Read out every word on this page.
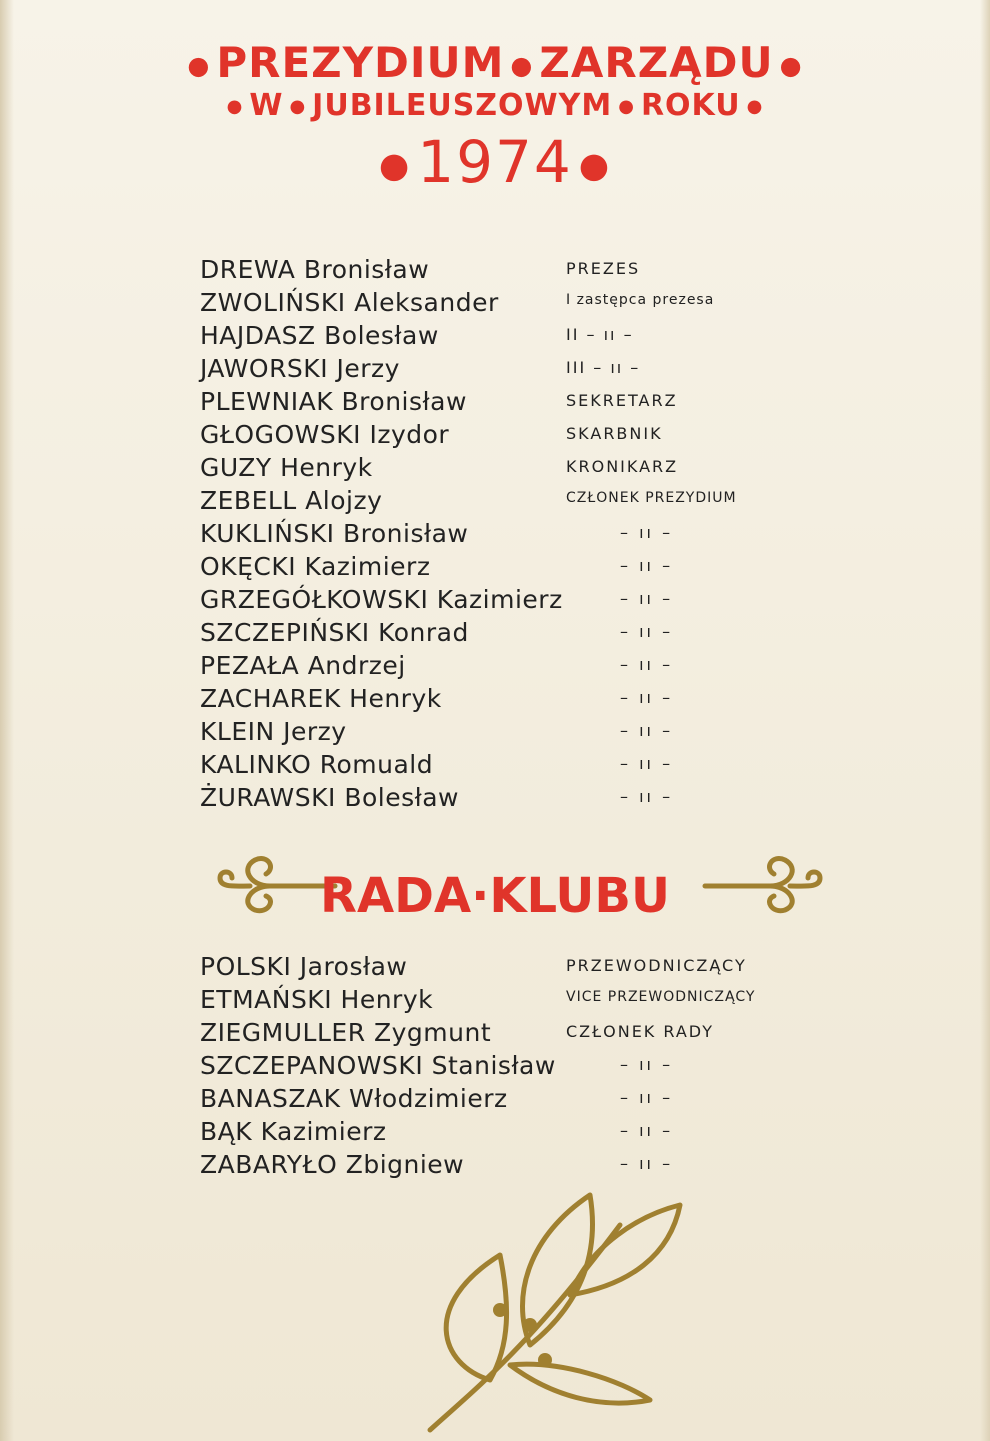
● PREZYDIUM ● ZARZĄDU ●
● W ● JUBILEUSZOWYM ● ROKU ●
● 1974 ●
DREWA Bronisław	PREZES
ZWOLIŃSKI Aleksander	I zastępca prezesa
HAJDASZ Bolesław	II – ıı –
JAWORSKI Jerzy	III – ıı –
PLEWNIAK Bronisław	SEKRETARZ
GŁOGOWSKI Izydor	SKARBNIK
GUZY Henryk	KRONIKARZ
ZEBELL Alojzy	CZŁONEK PREZYDIUM
KUKLIŃSKI Bronisław	– ıı –
OKĘCKI Kazimierz	– ıı –
GRZEGÓŁKOWSKI Kazimierz	– ıı –
SZCZEPIŃSKI Konrad	– ıı –
PEZAŁA Andrzej	– ıı –
ZACHAREK Henryk	– ıı –
KLEIN Jerzy	– ıı –
KALINKO Romuald	– ıı –
ŻURAWSKI Bolesław	– ıı –
RADA·KLUBU
POLSKI Jarosław	PRZEWODNICZĄCY
ETMAŃSKI Henryk	VICE PRZEWODNICZĄCY
ZIEGMULLER Zygmunt	CZŁONEK RADY
SZCZEPANOWSKI Stanisław	– ıı –
BANASZAK Włodzimierz	– ıı –
BĄK Kazimierz	– ıı –
ZABARYŁO Zbigniew	– ıı –
